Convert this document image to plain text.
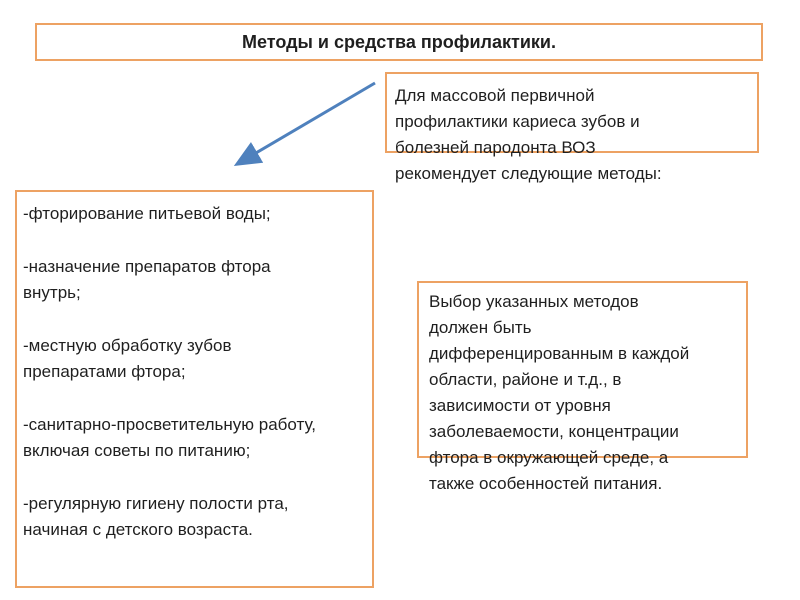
Методы и средства профилактики.
Для массовой первичной
профилактики кариеса зубов и
болезней пародонта ВОЗ
рекомендует следующие методы:
-фторирование питьевой воды;
-назначение препаратов фтора
внутрь;
-местную обработку зубов
препаратами фтора;
-санитарно-просветительную работу,
включая советы по питанию;
-регулярную гигиену полости рта,
начиная с детского возраста.
Выбор указанных методов
должен быть
дифференцированным в каждой
области, районе и т.д., в
зависимости от уровня
заболеваемости, концентрации
фтора в окружающей среде, а
также особенностей питания.
